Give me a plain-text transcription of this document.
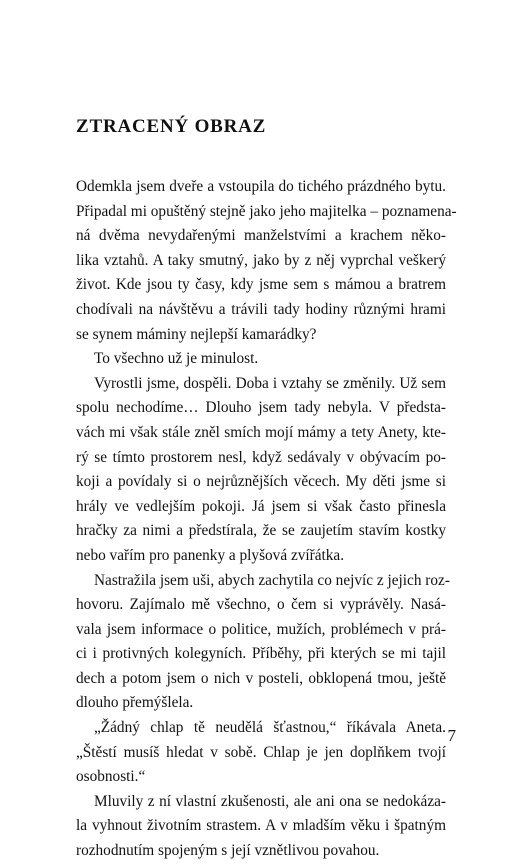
ZTRACENÝ OBRAZ
Odemkla jsem dveře a vstoupila do tichého prázdného bytu.
Připadal mi opuštěný stejně jako jeho majitelka – poznamena-
ná dvěma nevydařenými manželstvími a krachem něko-
lika vztahů. A taky smutný, jako by z něj vyprchal veškerý
život. Kde jsou ty časy, kdy jsme sem s mámou a bratrem
chodívali na návštěvu a trávili tady hodiny různými hrami
se synem máminy nejlepší kamarádky?
To všechno už je minulost.
Vyrostli jsme, dospěli. Doba i vztahy se změnily. Už sem
spolu nechodíme… Dlouho jsem tady nebyla. V předsta-
vách mi však stále zněl smích mojí mámy a tety Anety, kte-
rý se tímto prostorem nesl, když sedávaly v obývacím po-
koji a povídaly si o nejrůznějších věcech. My děti jsme si
hrály ve vedlejším pokoji. Já jsem si však často přinesla
hračky za nimi a předstírala, že se zaujetím stavím kostky
nebo vařím pro panenky a plyšová zvířátka.
Nastražila jsem uši, abych zachytila co nejvíc z jejich roz-
hovoru. Zajímalo mě všechno, o čem si vyprávěly. Nasá-
vala jsem informace o politice, mužích, problémech v prá-
ci i protivných kolegyních. Příběhy, při kterých se mi tajil
dech a potom jsem o nich v posteli, obklopená tmou, ještě
dlouho přemýšlela.
„Žádný chlap tě neudělá šťastnou,“ říkávala Aneta.
„Štěstí musíš hledat v sobě. Chlap je jen doplňkem tvojí
osobnosti.“
Mluvily z ní vlastní zkušenosti, ale ani ona se nedokáza-
la vyhnout životním strastem. A v mladším věku i špatným
rozhodnutím spojeným s její vznětlivou povahou.
7
